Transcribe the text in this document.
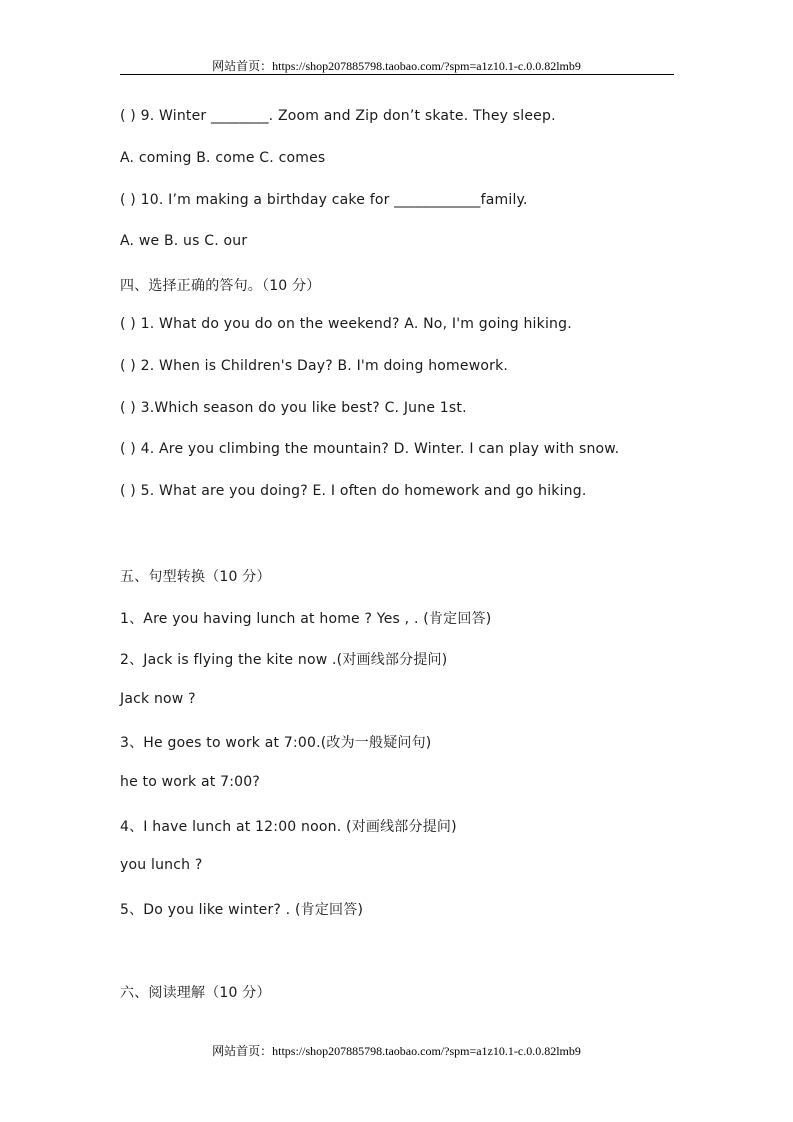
网站首页：https://shop207885798.taobao.com/?spm=a1z10.1-c.0.0.82lmb9
( ) 9. Winter ________. Zoom and Zip don’t skate. They sleep.
A. coming B. come C. comes
( ) 10. I’m making a birthday cake for ____________family.
A. we B. us C. our
四、选择正确的答句。（10 分）
( ) 1. What do you do on the weekend? A. No, I'm going hiking.
( ) 2. When is Children's Day? B. I'm doing homework.
( ) 3.Which season do you like best? C. June 1st.
( ) 4. Are you climbing the mountain? D. Winter. I can play with snow.
( ) 5. What are you doing? E. I often do homework and go hiking.
五、句型转换（10 分）
1、Are you having lunch at home ? Yes , . (肯定回答)
2、Jack is flying the kite now .(对画线部分提问)
Jack now ?
3、He goes to work at 7:00.(改为一般疑问句)
he to work at 7:00?
4、I have lunch at 12:00 noon. (对画线部分提问)
you lunch ?
5、Do you like winter? . (肯定回答)
六、阅读理解（10 分）
网站首页：https://shop207885798.taobao.com/?spm=a1z10.1-c.0.0.82lmb9
